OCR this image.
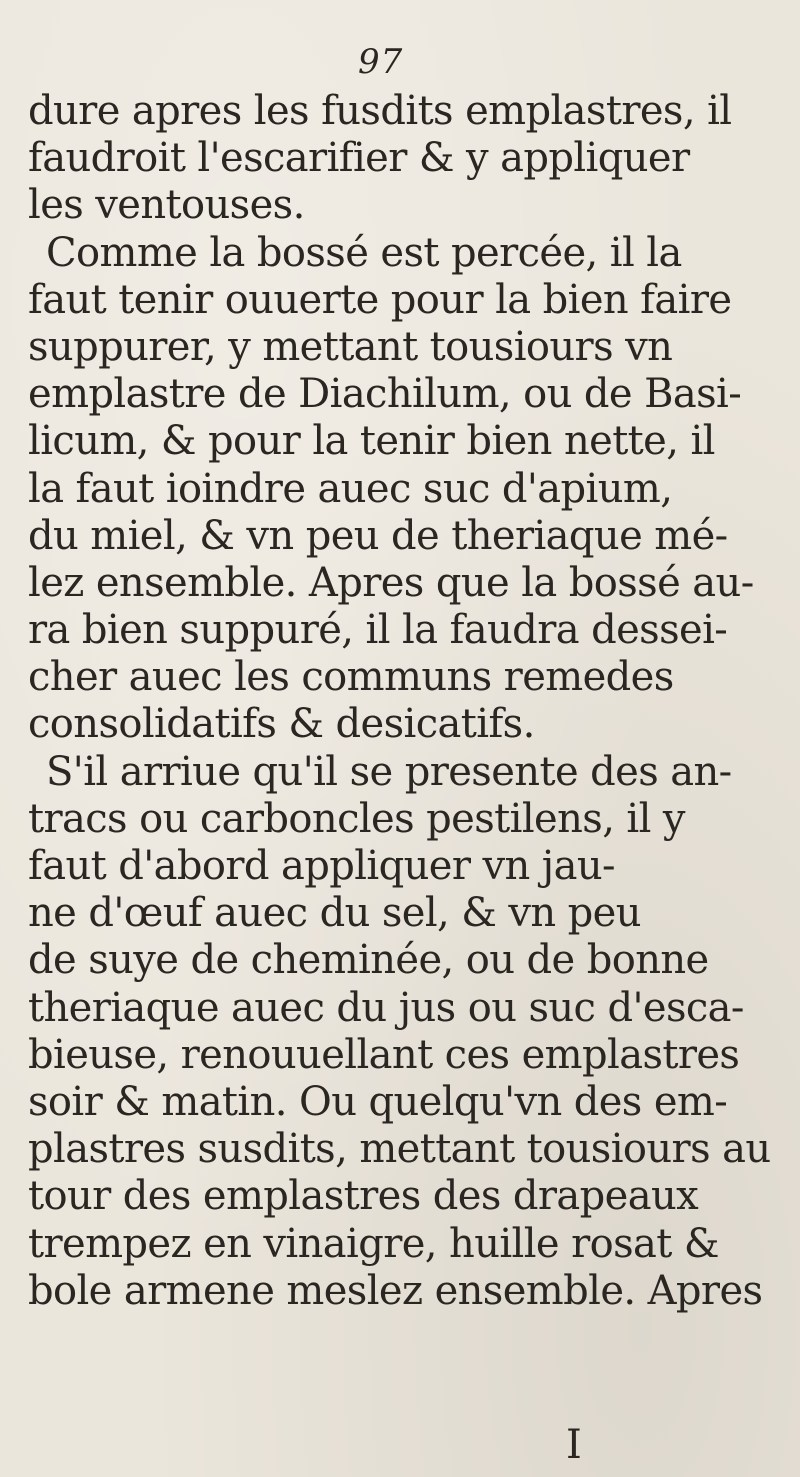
97
dure apres les fusdits emplastres, il
faudroit l'escarifier & y appliquer
les ventouses.
Comme la bossé est percée, il la
faut tenir ouuerte pour la bien faire
suppurer, y mettant tousiours vn
emplastre de Diachilum, ou de Basi-
licum, & pour la tenir bien nette, il
la faut ioindre auec suc d'apium,
du miel, & vn peu de theriaque mé-
lez ensemble. Apres que la bossé au-
ra bien suppuré, il la faudra dessei-
cher auec les communs remedes
consolidatifs & desicatifs.
S'il arriue qu'il se presente des an-
tracs ou carboncles pestilens, il y
faut d'abord appliquer vn jau-
ne d'œuf auec du sel, & vn peu
de suye de cheminée, ou de bonne
theriaque auec du jus ou suc d'esca-
bieuse, renouuellant ces emplastres
soir & matin. Ou quelqu'vn des em-
plastres susdits, mettant tousiours au
tour des emplastres des drapeaux
trempez en vinaigre, huille rosat &
bole armene meslez ensemble. Apres
I
